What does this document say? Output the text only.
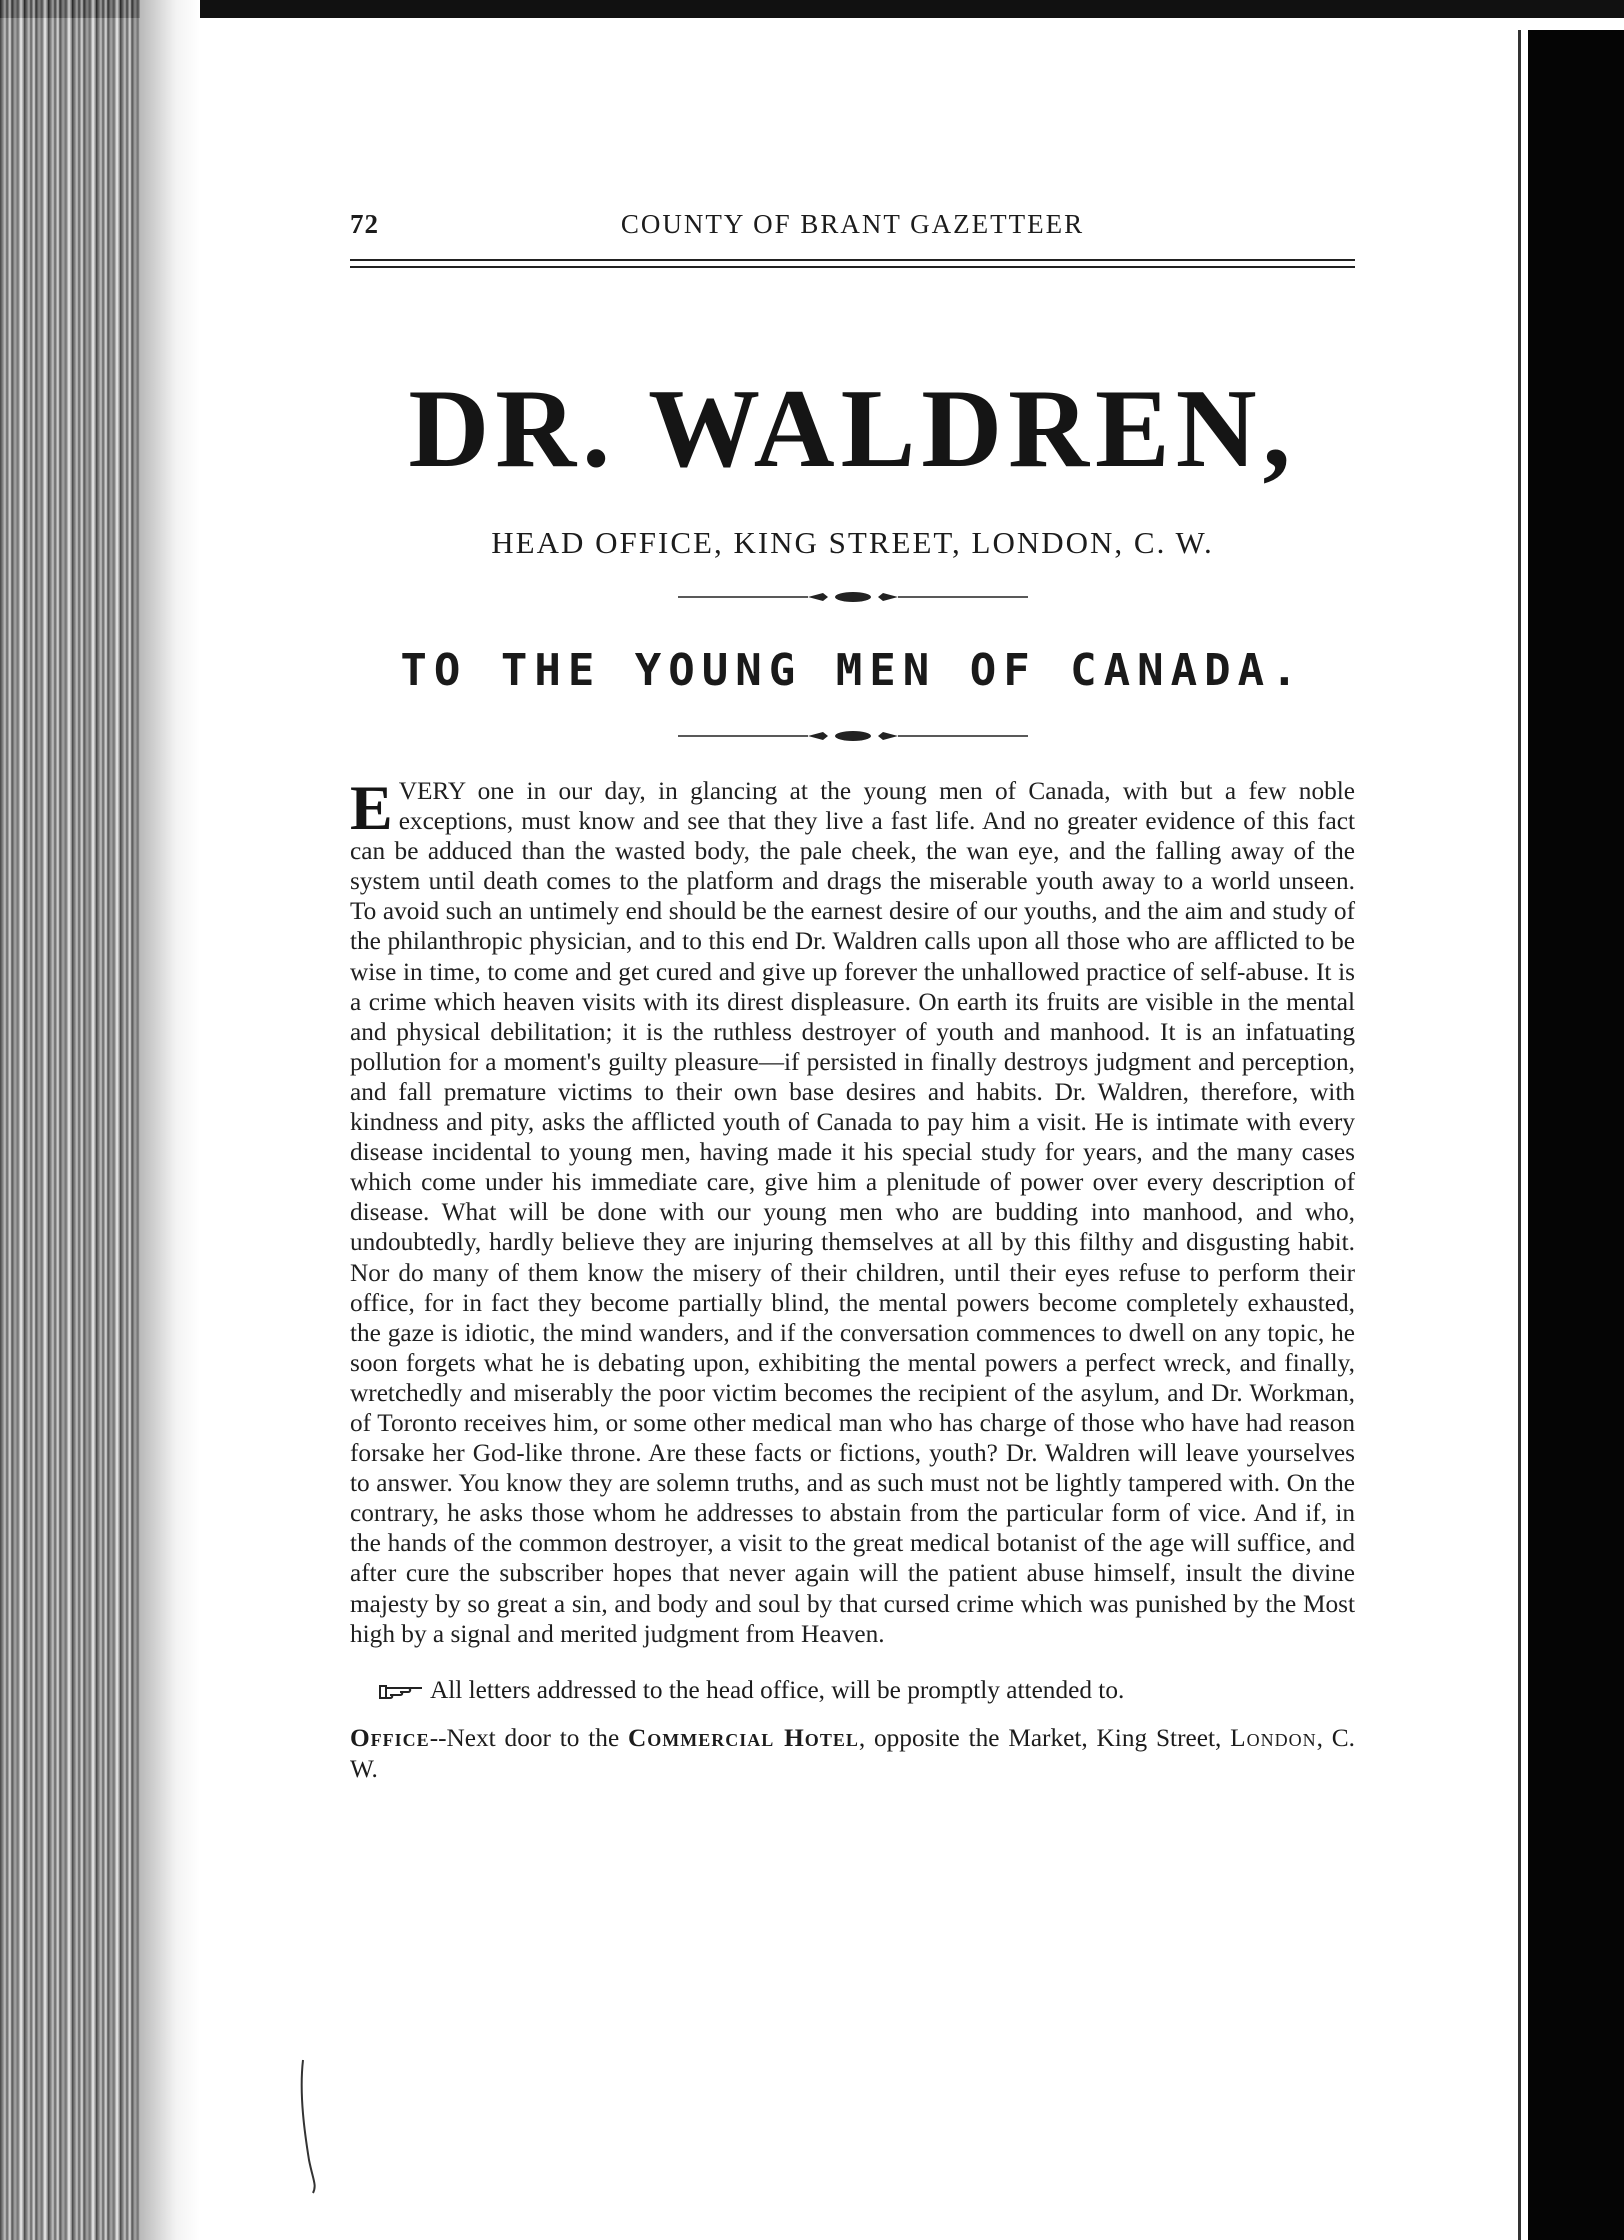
72	COUNTY OF BRANT GAZETTEER
DR. WALDREN,
HEAD OFFICE, KING STREET, LONDON, C. W.
TO THE YOUNG MEN OF CANADA.
EVERY one in our day, in glancing at the young men of Canada, with but a few noble exceptions, must know and see that they live a fast life. And no greater evidence of this fact can be adduced than the wasted body, the pale cheek, the wan eye, and the falling away of the system until death comes to the platform and drags the miserable youth away to a world unseen. To avoid such an untimely end should be the earnest desire of our youths, and the aim and study of the philanthropic physician, and to this end Dr. Waldren calls upon all those who are afflicted to be wise in time, to come and get cured and give up forever the unhallowed practice of self-abuse. It is a crime which heaven visits with its direst displeasure. On earth its fruits are visible in the mental and physical debilitation; it is the ruthless destroyer of youth and manhood. It is an infatuating pollution for a moment's guilty pleasure—if persisted in finally destroys judgment and perception, and fall premature victims to their own base desires and habits. Dr. Waldren, therefore, with kindness and pity, asks the afflicted youth of Canada to pay him a visit. He is intimate with every disease incidental to young men, having made it his special study for years, and the many cases which come under his immediate care, give him a plenitude of power over every description of disease. What will be done with our young men who are budding into manhood, and who, undoubtedly, hardly believe they are injuring themselves at all by this filthy and disgusting habit. Nor do many of them know the misery of their children, until their eyes refuse to perform their office, for in fact they become partially blind, the mental powers become completely exhausted, the gaze is idiotic, the mind wanders, and if the conversation commences to dwell on any topic, he soon forgets what he is debating upon, exhibiting the mental powers a perfect wreck, and finally, wretchedly and miserably the poor victim becomes the recipient of the asylum, and Dr. Workman, of Toronto receives him, or some other medical man who has charge of those who have had reason forsake her God-like throne. Are these facts or fictions, youth? Dr. Waldren will leave yourselves to answer. You know they are solemn truths, and as such must not be lightly tampered with. On the contrary, he asks those whom he addresses to abstain from the particular form of vice. And if, in the hands of the common destroyer, a visit to the great medical botanist of the age will suffice, and after cure the subscriber hopes that never again will the patient abuse himself, insult the divine majesty by so great a sin, and body and soul by that cursed crime which was punished by the Most high by a signal and merited judgment from Heaven.
All letters addressed to the head office, will be promptly attended to.
Office--Next door to the Commercial Hotel, opposite the Market, King Street, London, C. W.
